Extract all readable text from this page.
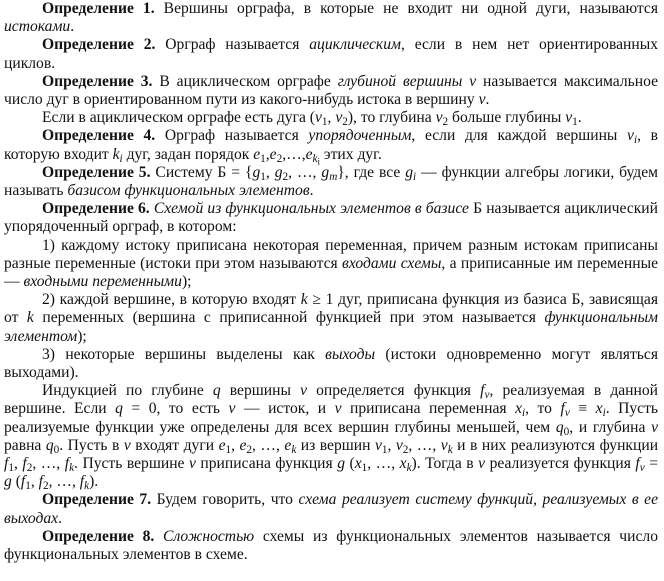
Определение 1. Вершины орграфа, в которые не входит ни одной дуги, называются истоками.

Определение 2. Орграф называется ациклическим, если в нем нет ориентированных циклов.

Определение 3. В ациклическом орграфе глубиной вершины v называется максимальное число дуг в ориентированном пути из какого-нибудь истока в вершину v.

Если в ациклическом орграфе есть дуга ($v_1$, $v_2$), то глубина $v_2$ больше глубины $v_1$.

Определение 4. Орграф называется упорядоченным, если для каждой вершины $v_i$, в которую входит $k_i$ дуг, задан порядок $e_1,e_2,\dots,e_{k_i}$ этих дуг.

Определение 5. Систему $Б = \{g_1$, $g_2$, …, $g_m$}, где все $g_i$ — функции алгебры логики, будем называть базисом функциональных элементов.

Определение 6. Схемой из функциональных элементов в базисе Б называется ациклический упорядоченный орграф, в котором:

1) каждому истоку приписана некоторая переменная, причем разным истокам приписаны разные переменные (истоки при этом называются входами схемы, а приписанные им переменные — входными переменными);

2) каждой вершине, в которую входят k ≥ 1 дуг, приписана функция из базиса Б, зависящая от k переменных (вершина с приписанной функцией при этом называется функциональным элементом);

3) некоторые вершины выделены как выходы (истоки одновременно могут являться выходами).

Индукцией по глубине q вершины v определяется функция $f_v$, реализуемая в данной вершине. Если q = 0, то есть v — исток, и v приписана переменная $x_i$, то $f_v \equiv x_i$. Пусть реализуемые функции уже определены для всех вершин глубины меньшей, чем $q_0$, и глубина v равна $q_0$. Пусть в v входят дуги $e_1$, $e_2$, …, $e_k$ из вершин $v_1$, $v_2$, …, $v_k$ и в них реализуются функции $f_1$, $f_2$, …, $f_k$. Пусть вершине v приписана функция g ($x_1$, …, $x_k$). Тогда в v реализуется функция $f_v = g$ ($f_1$, $f_2$, …, $f_k$).

Определение 7. Будем говорить, что схема реализует систему функций, реализуемых в ее выходах.

Определение 8. Сложностью схемы из функциональных элементов называется число функциональных элементов в схеме.
